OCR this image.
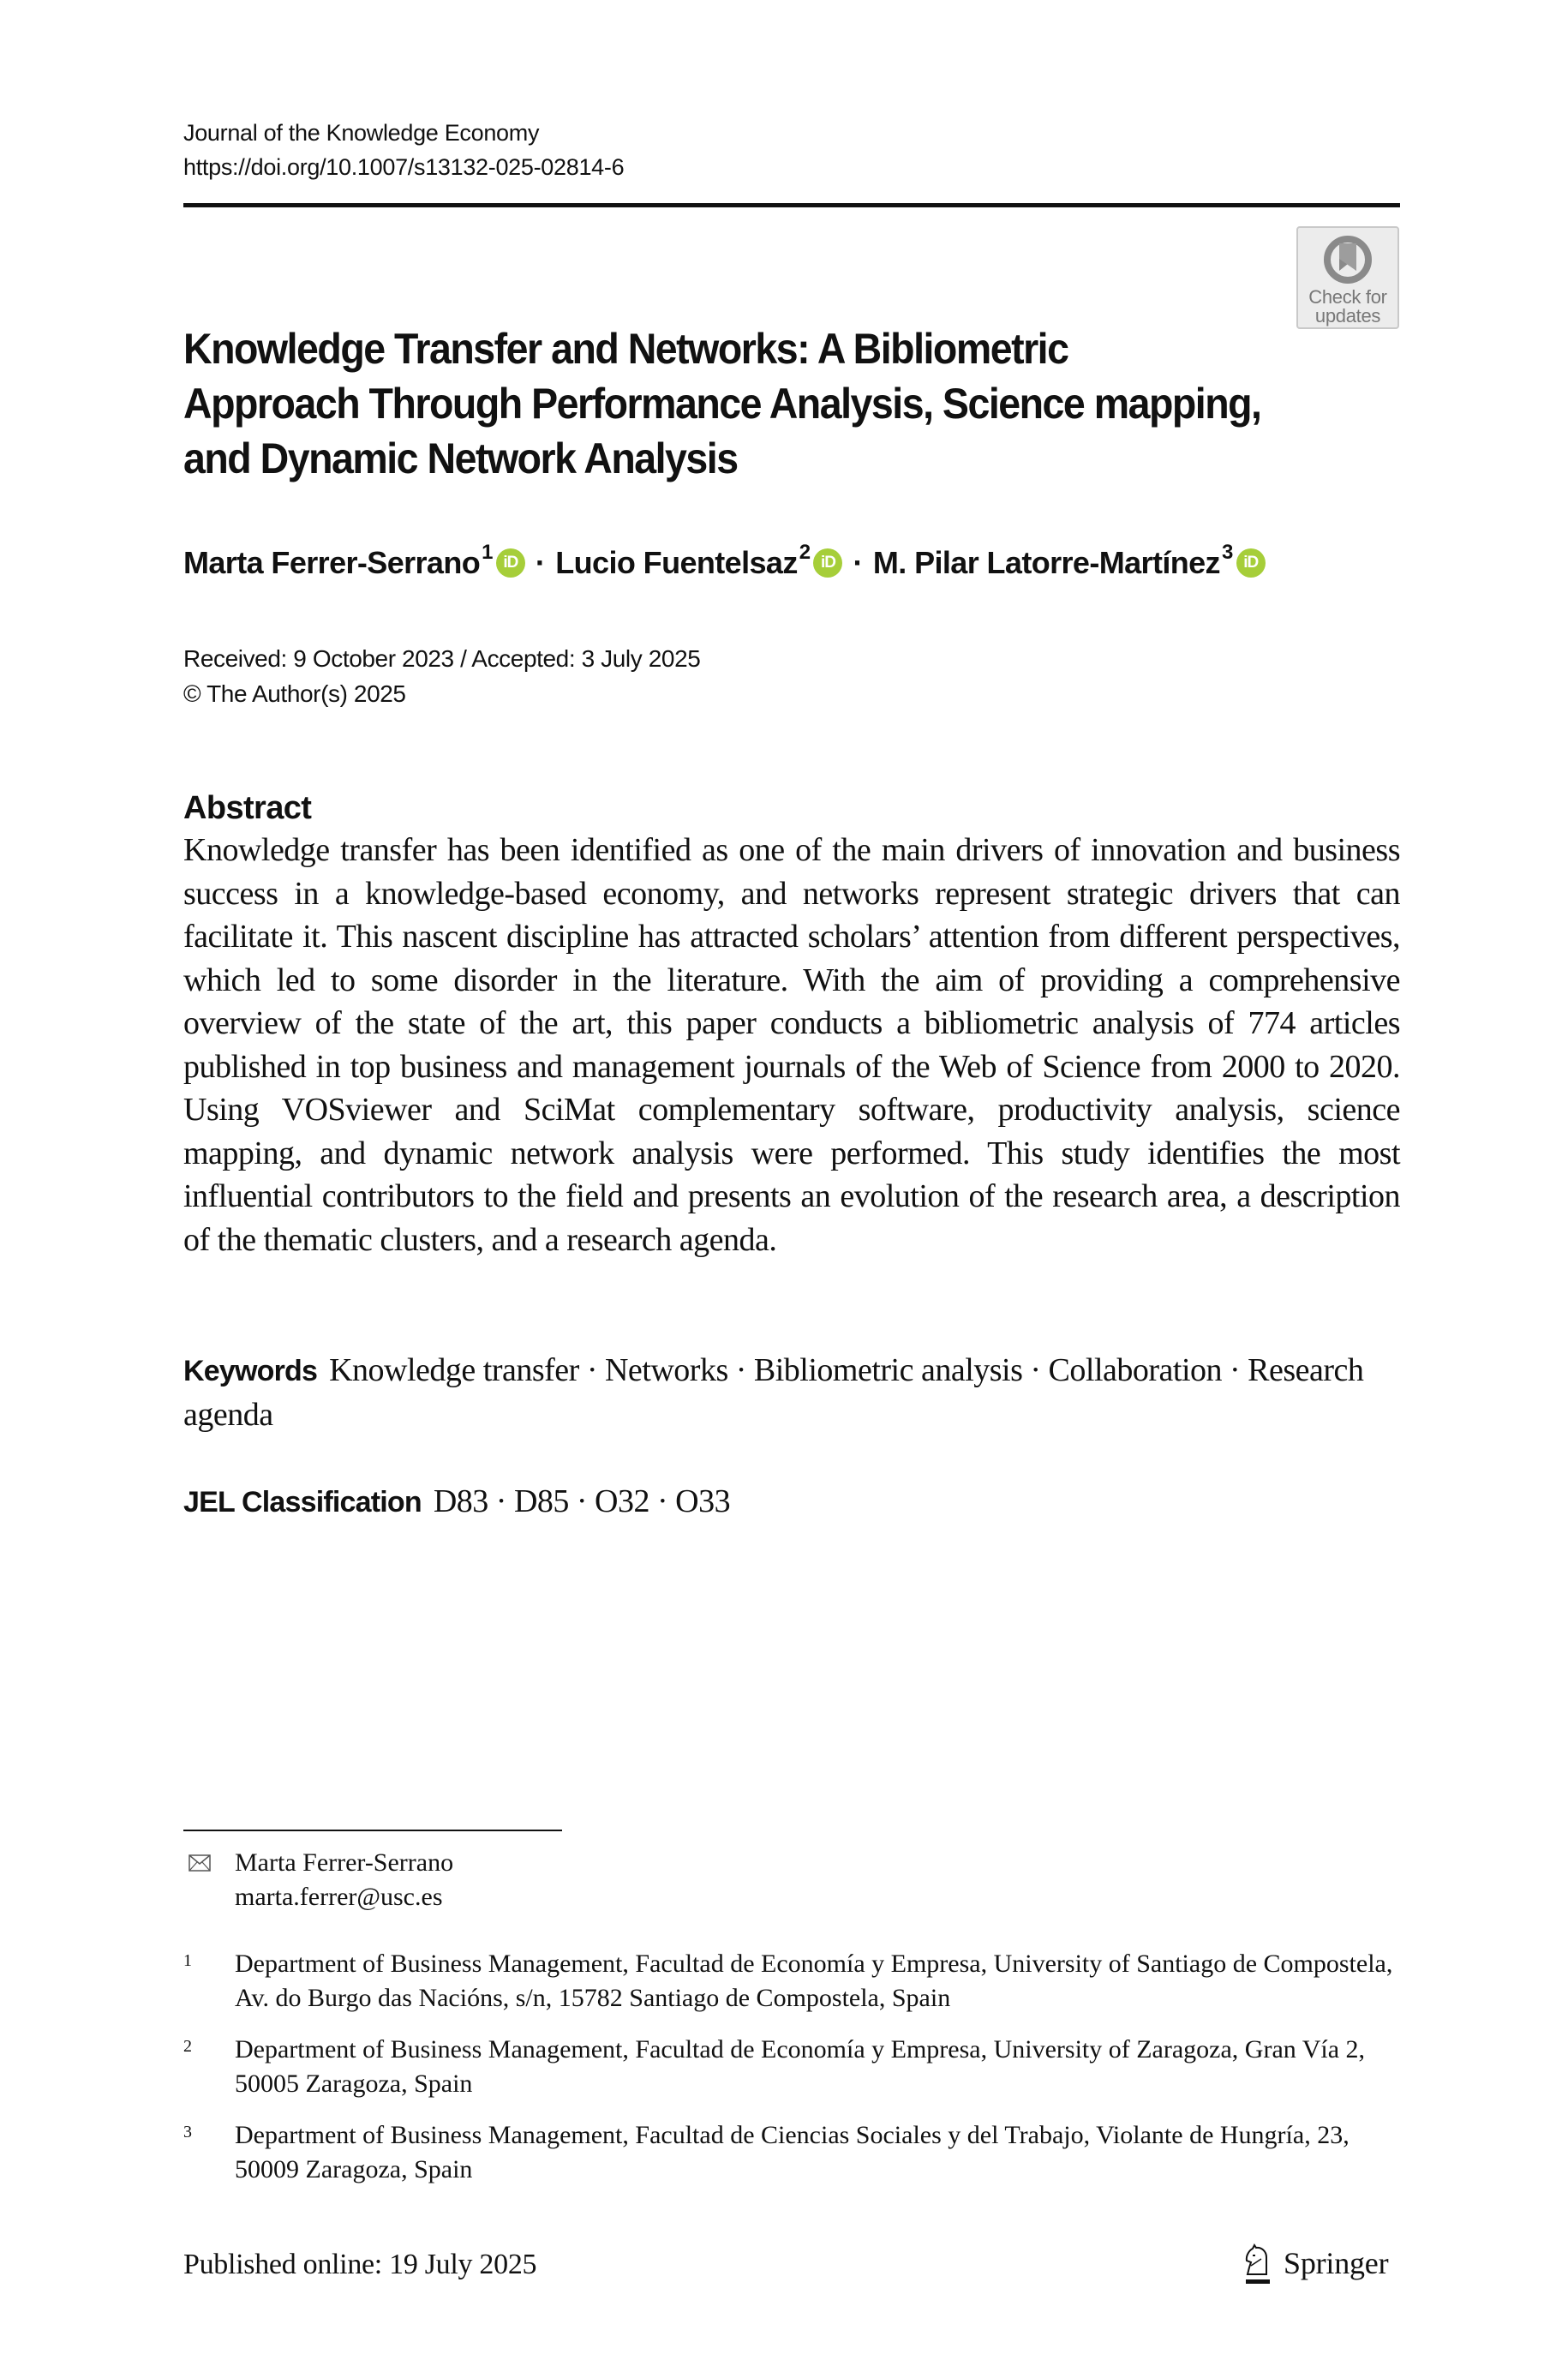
Journal of the Knowledge Economy
https://doi.org/10.1007/s13132-025-02814-6
Check for
updates
Knowledge Transfer and Networks: A Bibliometric
Approach Through Performance Analysis, Science mapping,
and Dynamic Network Analysis
Marta Ferrer-Serrano$^1$ iD · Lucio Fuentelsaz$^2$ iD · M. Pilar Latorre-Martínez$^3$ iD
Received: 9 October 2023 / Accepted: 3 July 2025
© The Author(s) 2025
Abstract
Knowledge transfer has been identified as one of the main drivers of innovation and business success in a knowledge-based economy, and networks represent strategic drivers that can facilitate it. This nascent discipline has attracted scholars’ attention from different perspectives, which led to some disorder in the literature. With the aim of providing a comprehensive overview of the state of the art, this paper conducts a bibliometric analysis of 774 articles published in top business and management journals of the Web of Science from 2000 to 2020. Using VOSviewer and SciMat complementary software, productivity analysis, science mapping, and dynamic network analysis were performed. This study identifies the most influential contributors to the field and presents an evolution of the research area, a description of the thematic clusters, and a research agenda.
Keywords Knowledge transfer · Networks · Bibliometric analysis · Collaboration · Research agenda
JEL Classification D83 · D85 · O32 · O33
Marta Ferrer-Serrano
marta.ferrer@usc.es
1 Department of Business Management, Facultad de Economía y Empresa, University of Santiago de Compostela, Av. do Burgo das Nacións, s/n, 15782 Santiago de Compostela, Spain
2 Department of Business Management, Facultad de Economía y Empresa, University of Zaragoza, Gran Vía 2, 50005 Zaragoza, Spain
3 Department of Business Management, Facultad de Ciencias Sociales y del Trabajo, Violante de Hungría, 23, 50009 Zaragoza, Spain
Published online: 19 July 2025	Springer
